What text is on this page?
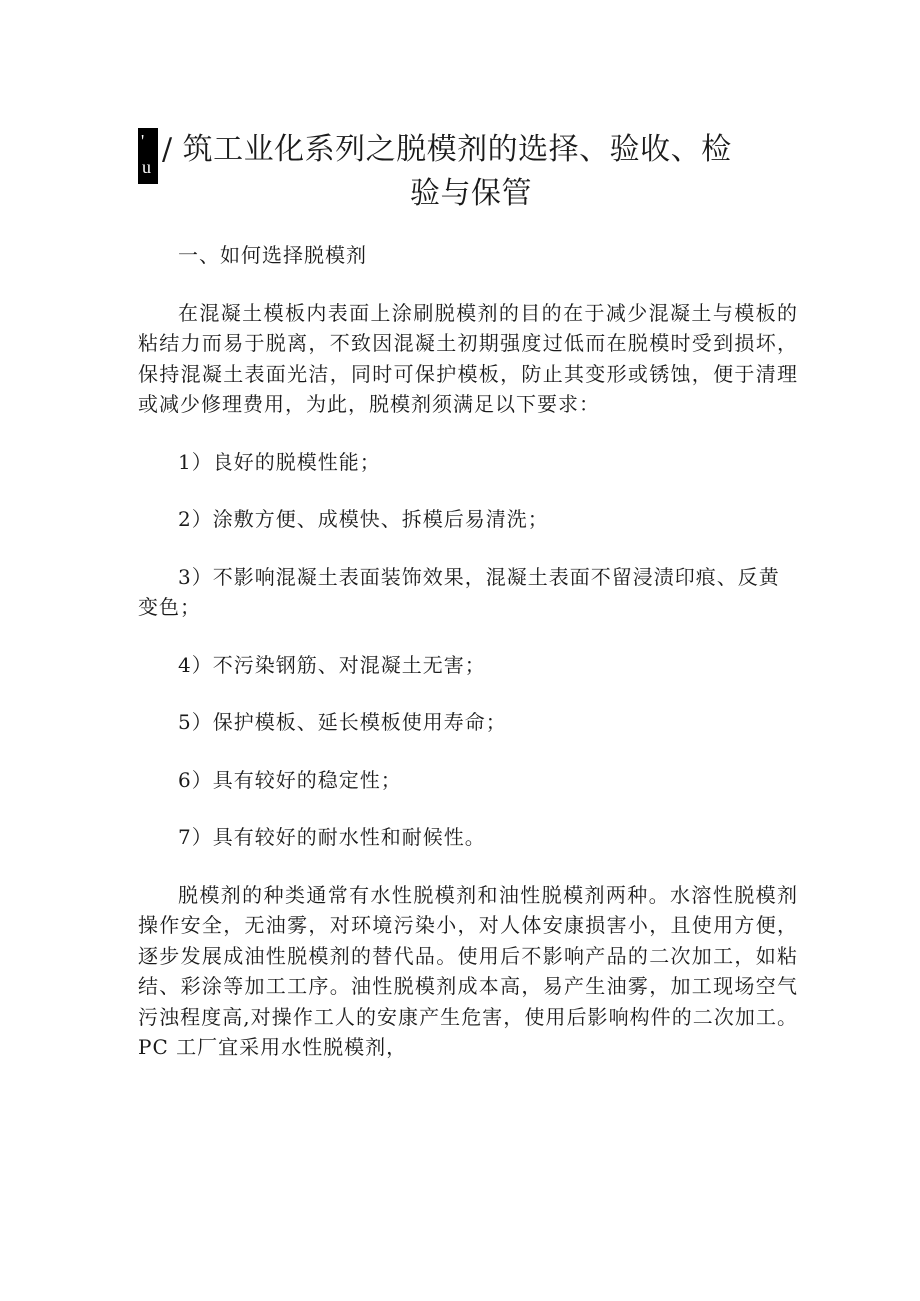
'
u / 筑工业化系列之脱模剂的选择、验收、检
验与保管

一、如何选择脱模剂

在混凝土模板内表面上涂刷脱模剂的目的在于减少混凝土与模板的粘结力而易于脱离，不致因混凝土初期强度过低而在脱模时受到损坏，保持混凝土表面光洁，同时可保护模板，防止其变形或锈蚀，便于清理或减少修理费用，为此，脱模剂须满足以下要求：

1）良好的脱模性能；

2）涂敷方便、成模快、拆模后易清洗；

3）不影响混凝土表面装饰效果，混凝土表面不留浸渍印痕、反黄变色；

4）不污染钢筋、对混凝土无害；

5）保护模板、延长模板使用寿命；

6）具有较好的稳定性；

7）具有较好的耐水性和耐候性。

脱模剂的种类通常有水性脱模剂和油性脱模剂两种。水溶性脱模剂操作安全，无油雾，对环境污染小，对人体安康损害小，且使用方便，逐步发展成油性脱模剂的替代品。使用后不影响产品的二次加工，如粘结、彩涂等加工工序。油性脱模剂成本高，易产生油雾，加工现场空气污浊程度高,对操作工人的安康产生危害，使用后影响构件的二次加工。PC 工厂宜采用水性脱模剂，
